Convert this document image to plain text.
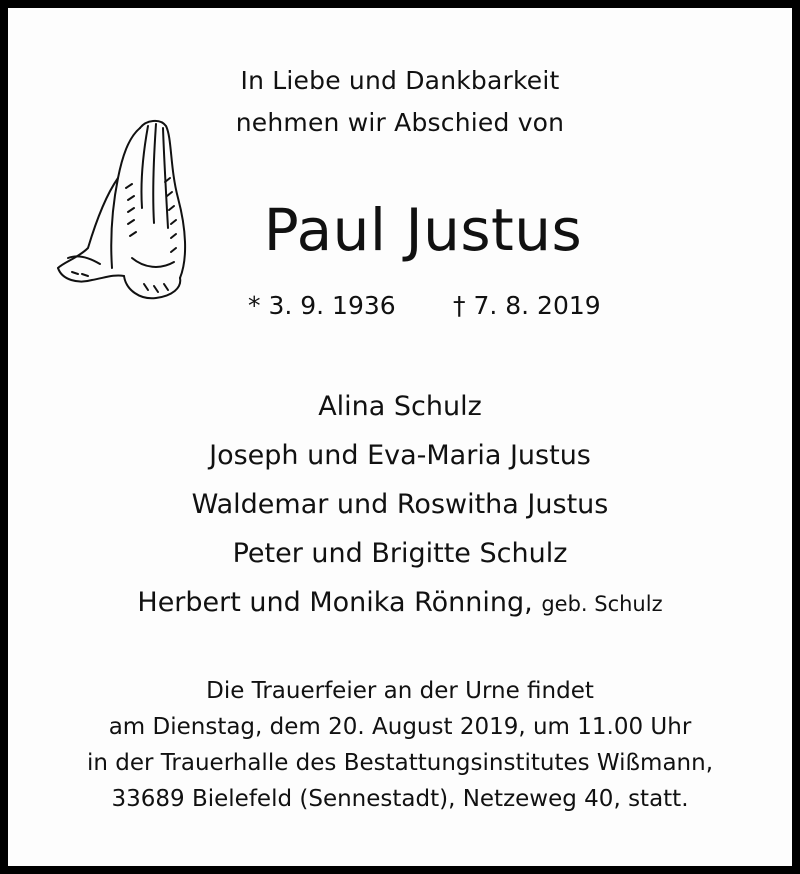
In Liebe und Dankbarkeit
nehmen wir Abschied von
Paul Justus
* 3. 9. 1936 † 7. 8. 2019
Alina Schulz
Joseph und Eva-Maria Justus
Waldemar und Roswitha Justus
Peter und Brigitte Schulz
Herbert und Monika Rönning, geb. Schulz
Die Trauerfeier an der Urne findet
am Dienstag, dem 20. August 2019, um 11.00 Uhr
in der Trauerhalle des Bestattungsinstitutes Wißmann,
33689 Bielefeld (Sennestadt), Netzeweg 40, statt.
